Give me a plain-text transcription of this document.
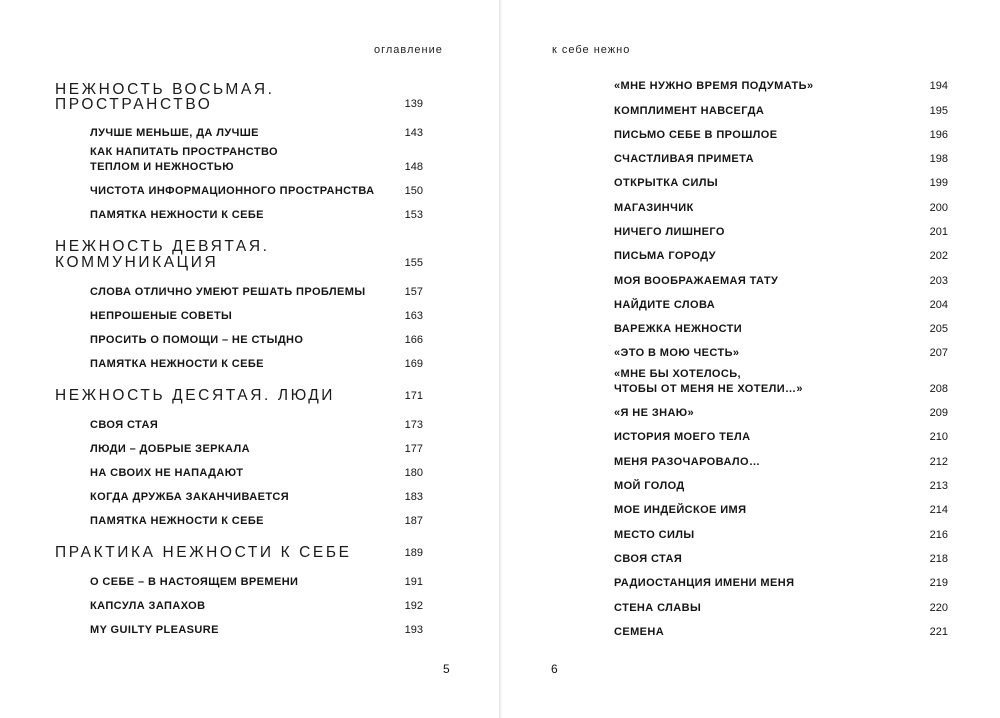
оглавление
НЕЖНОСТЬ ВОСЬМАЯ.
ПРОСТРАНСТВО	139
ЛУЧШЕ МЕНЬШЕ, ДА ЛУЧШЕ	143
КАК НАПИТАТЬ ПРОСТРАНСТВО
ТЕПЛОМ И НЕЖНОСТЬЮ	148
ЧИСТОТА ИНФОРМАЦИОННОГО ПРОСТРАНСТВА	150
ПАМЯТКА НЕЖНОСТИ К СЕБЕ	153
НЕЖНОСТЬ ДЕВЯТАЯ.
КОММУНИКАЦИЯ	155
СЛОВА ОТЛИЧНО УМЕЮТ РЕШАТЬ ПРОБЛЕМЫ	157
НЕПРОШЕНЫЕ СОВЕТЫ	163
ПРОСИТЬ О ПОМОЩИ – НЕ СТЫДНО	166
ПАМЯТКА НЕЖНОСТИ К СЕБЕ	169
НЕЖНОСТЬ ДЕСЯТАЯ. ЛЮДИ	171
СВОЯ СТАЯ	173
ЛЮДИ – ДОБРЫЕ ЗЕРКАЛА	177
НА СВОИХ НЕ НАПАДАЮТ	180
КОГДА ДРУЖБА ЗАКАНЧИВАЕТСЯ	183
ПАМЯТКА НЕЖНОСТИ К СЕБЕ	187
ПРАКТИКА НЕЖНОСТИ К СЕБЕ	189
О СЕБЕ – В НАСТОЯЩЕМ ВРЕМЕНИ	191
КАПСУЛА ЗАПАХОВ	192
MY GUILTY PLEASURE	193
5
к себе нежно
«МНЕ НУЖНО ВРЕМЯ ПОДУМАТЬ»	194
КОМПЛИМЕНТ НАВСЕГДА	195
ПИСЬМО СЕБЕ В ПРОШЛОЕ	196
СЧАСТЛИВАЯ ПРИМЕТА	198
ОТКРЫТКА СИЛЫ	199
МАГАЗИНЧИК	200
НИЧЕГО ЛИШНЕГО	201
ПИСЬМА ГОРОДУ	202
МОЯ ВООБРАЖАЕМАЯ ТАТУ	203
НАЙДИТЕ СЛОВА	204
ВАРЕЖКА НЕЖНОСТИ	205
«ЭТО В МОЮ ЧЕСТЬ»	207
«МНЕ БЫ ХОТЕЛОСЬ,
ЧТОБЫ ОТ МЕНЯ НЕ ХОТЕЛИ…»	208
«Я НЕ ЗНАЮ»	209
ИСТОРИЯ МОЕГО ТЕЛА	210
МЕНЯ РАЗОЧАРОВАЛО…	212
МОЙ ГОЛОД	213
МОЕ ИНДЕЙСКОЕ ИМЯ	214
МЕСТО СИЛЫ	216
СВОЯ СТАЯ	218
РАДИОСТАНЦИЯ ИМЕНИ МЕНЯ	219
СТЕНА СЛАВЫ	220
СЕМЕНА	221
6
